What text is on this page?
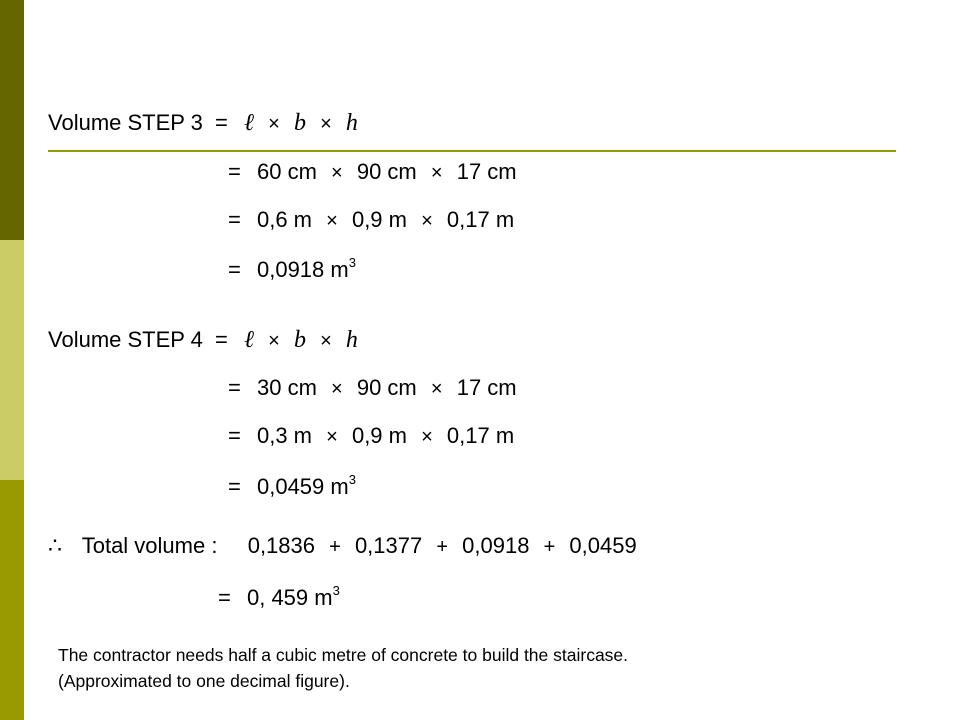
Volume STEP 3 = ℓ × b × h
= 60 cm × 90 cm × 17 cm
= 0,6 m × 0,9 m × 0,17 m
= 0,0918 $m^3$
Volume STEP 4 = ℓ × b × h
= 30 cm × 90 cm × 17 cm
= 0,3 m × 0,9 m × 0,17 m
= 0,0459 $m^3$
∴ Total volume : 0,1836 + 0,1377 + 0,0918 + 0,0459
= 0, 459 $m^3$
The contractor needs half a cubic metre of concrete to build the staircase.
(Approximated to one decimal figure).
